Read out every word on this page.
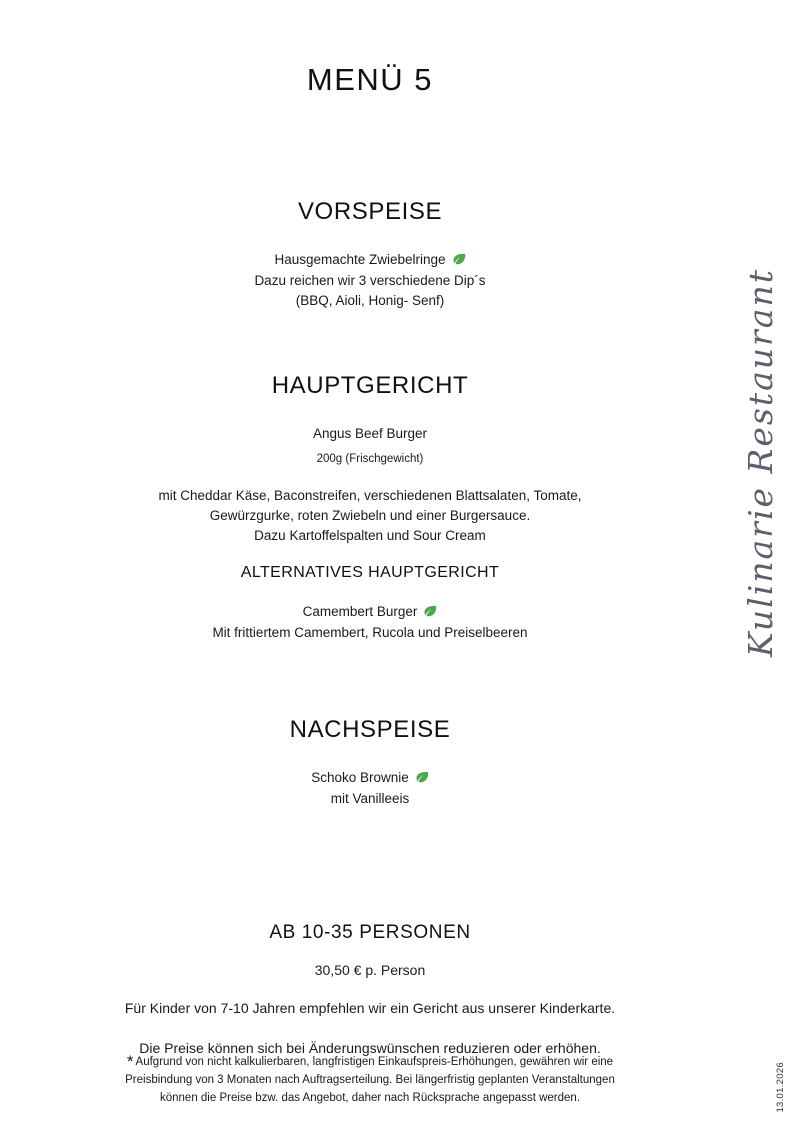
MENÜ 5
VORSPEISE
Hausgemachte Zwiebelringe
Dazu reichen wir 3 verschiedene Dip´s
(BBQ, Aioli, Honig- Senf)
HAUPTGERICHT
Angus Beef Burger
200g (Frischgewicht)
mit Cheddar Käse, Baconstreifen, verschiedenen Blattsalaten, Tomate,
Gewürzgurke, roten Zwiebeln und einer Burgersauce.
Dazu Kartoffelspalten und Sour Cream
ALTERNATIVES HAUPTGERICHT
Camembert Burger
Mit frittiertem Camembert, Rucola und Preiselbeeren
NACHSPEISE
Schoko Brownie
mit Vanilleeis
AB 10-35 PERSONEN
30,50 € p. Person
Für Kinder von 7-10 Jahren empfehlen wir ein Gericht aus unserer Kinderkarte.
Die Preise können sich bei Änderungswünschen reduzieren oder erhöhen.
* Aufgrund von nicht kalkulierbaren, langfristigen Einkaufspreis-Erhöhungen, gewähren wir eine
Preisbindung von 3 Monaten nach Auftragserteilung. Bei längerfristig geplanten Veranstaltungen
können die Preise bzw. das Angebot, daher nach Rücksprache angepasst werden.
Kulinarie Restaurant
13.01.2026
